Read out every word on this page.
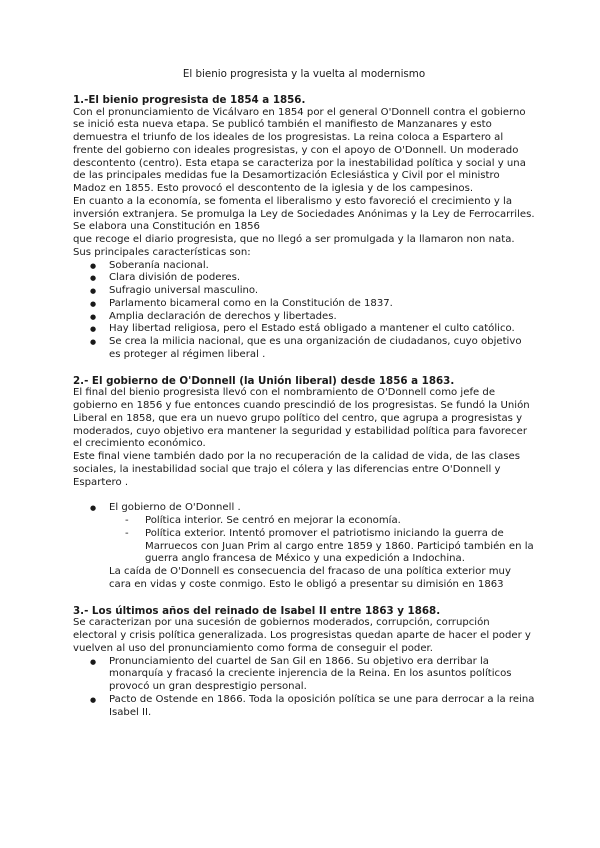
El bienio progresista y la vuelta al modernismo

1.-El bienio progresista de 1854 a 1856.

Con el pronunciamiento de Vicálvaro en 1854 por el general O'Donnell contra el gobierno se inició esta nueva etapa. Se publicó también el manifiesto de Manzanares y esto demuestra el triunfo de los ideales de los progresistas. La reina coloca a Espartero al frente del gobierno con ideales progresistas, y con el apoyo de O'Donnell. Un moderado descontento (centro). Esta etapa se caracteriza por la inestabilidad política y social y una de las principales medidas fue la Desamortización Eclesiástica y Civil por el ministro Madoz en 1855. Esto provocó el descontento de la iglesia y de los campesinos.

En cuanto a la economía, se fomenta el liberalismo y esto favoreció el crecimiento y la inversión extranjera. Se promulga la Ley de Sociedades Anónimas y la Ley de Ferrocarriles.

Se elabora una Constitución en 1856

que recoge el diario progresista, que no llegó a ser promulgada y la llamaron non nata. Sus principales características son:

● Soberanía nacional.
● Clara división de poderes.
● Sufragio universal masculino.
● Parlamento bicameral como en la Constitución de 1837.
● Amplia declaración de derechos y libertades.
● Hay libertad religiosa, pero el Estado está obligado a mantener el culto católico.
● Se crea la milicia nacional, que es una organización de ciudadanos, cuyo objetivo es proteger al régimen liberal .

2.- El gobierno de O'Donnell (la Unión liberal) desde 1856 a 1863.

El final del bienio progresista llevó con el nombramiento de O'Donnell como jefe de gobierno en 1856 y fue entonces cuando prescindió de los progresistas. Se fundó la Unión Liberal en 1858, que era un nuevo grupo político del centro, que agrupa a progresistas y moderados, cuyo objetivo era mantener la seguridad y estabilidad política para favorecer el crecimiento económico.

Este final viene también dado por la no recuperación de la calidad de vida, de las clases sociales, la inestabilidad social que trajo el cólera y las diferencias entre O'Donnell y Espartero .

● El gobierno de O'Donnell .
- Política interior. Se centró en mejorar la economía.
- Política exterior. Intentó promover el patriotismo iniciando la guerra de Marruecos con Juan Prim al cargo entre 1859 y 1860. Participó también en la guerra anglo francesa de México y una expedición a Indochina.

La caída de O'Donnell es consecuencia del fracaso de una política exterior muy cara en vidas y coste conmigo. Esto le obligó a presentar su dimisión en 1863

3.- Los últimos años del reinado de Isabel II entre 1863 y 1868.

Se caracterizan por una sucesión de gobiernos moderados, corrupción, corrupción electoral y crisis política generalizada. Los progresistas quedan aparte de hacer el poder y vuelven al uso del pronunciamiento como forma de conseguir el poder.

● Pronunciamiento del cuartel de San Gil en 1866. Su objetivo era derribar la monarquía y fracasó la creciente injerencia de la Reina. En los asuntos políticos provocó un gran desprestigio personal.
● Pacto de Ostende en 1866. Toda la oposición política se une para derrocar a la reina Isabel II.
